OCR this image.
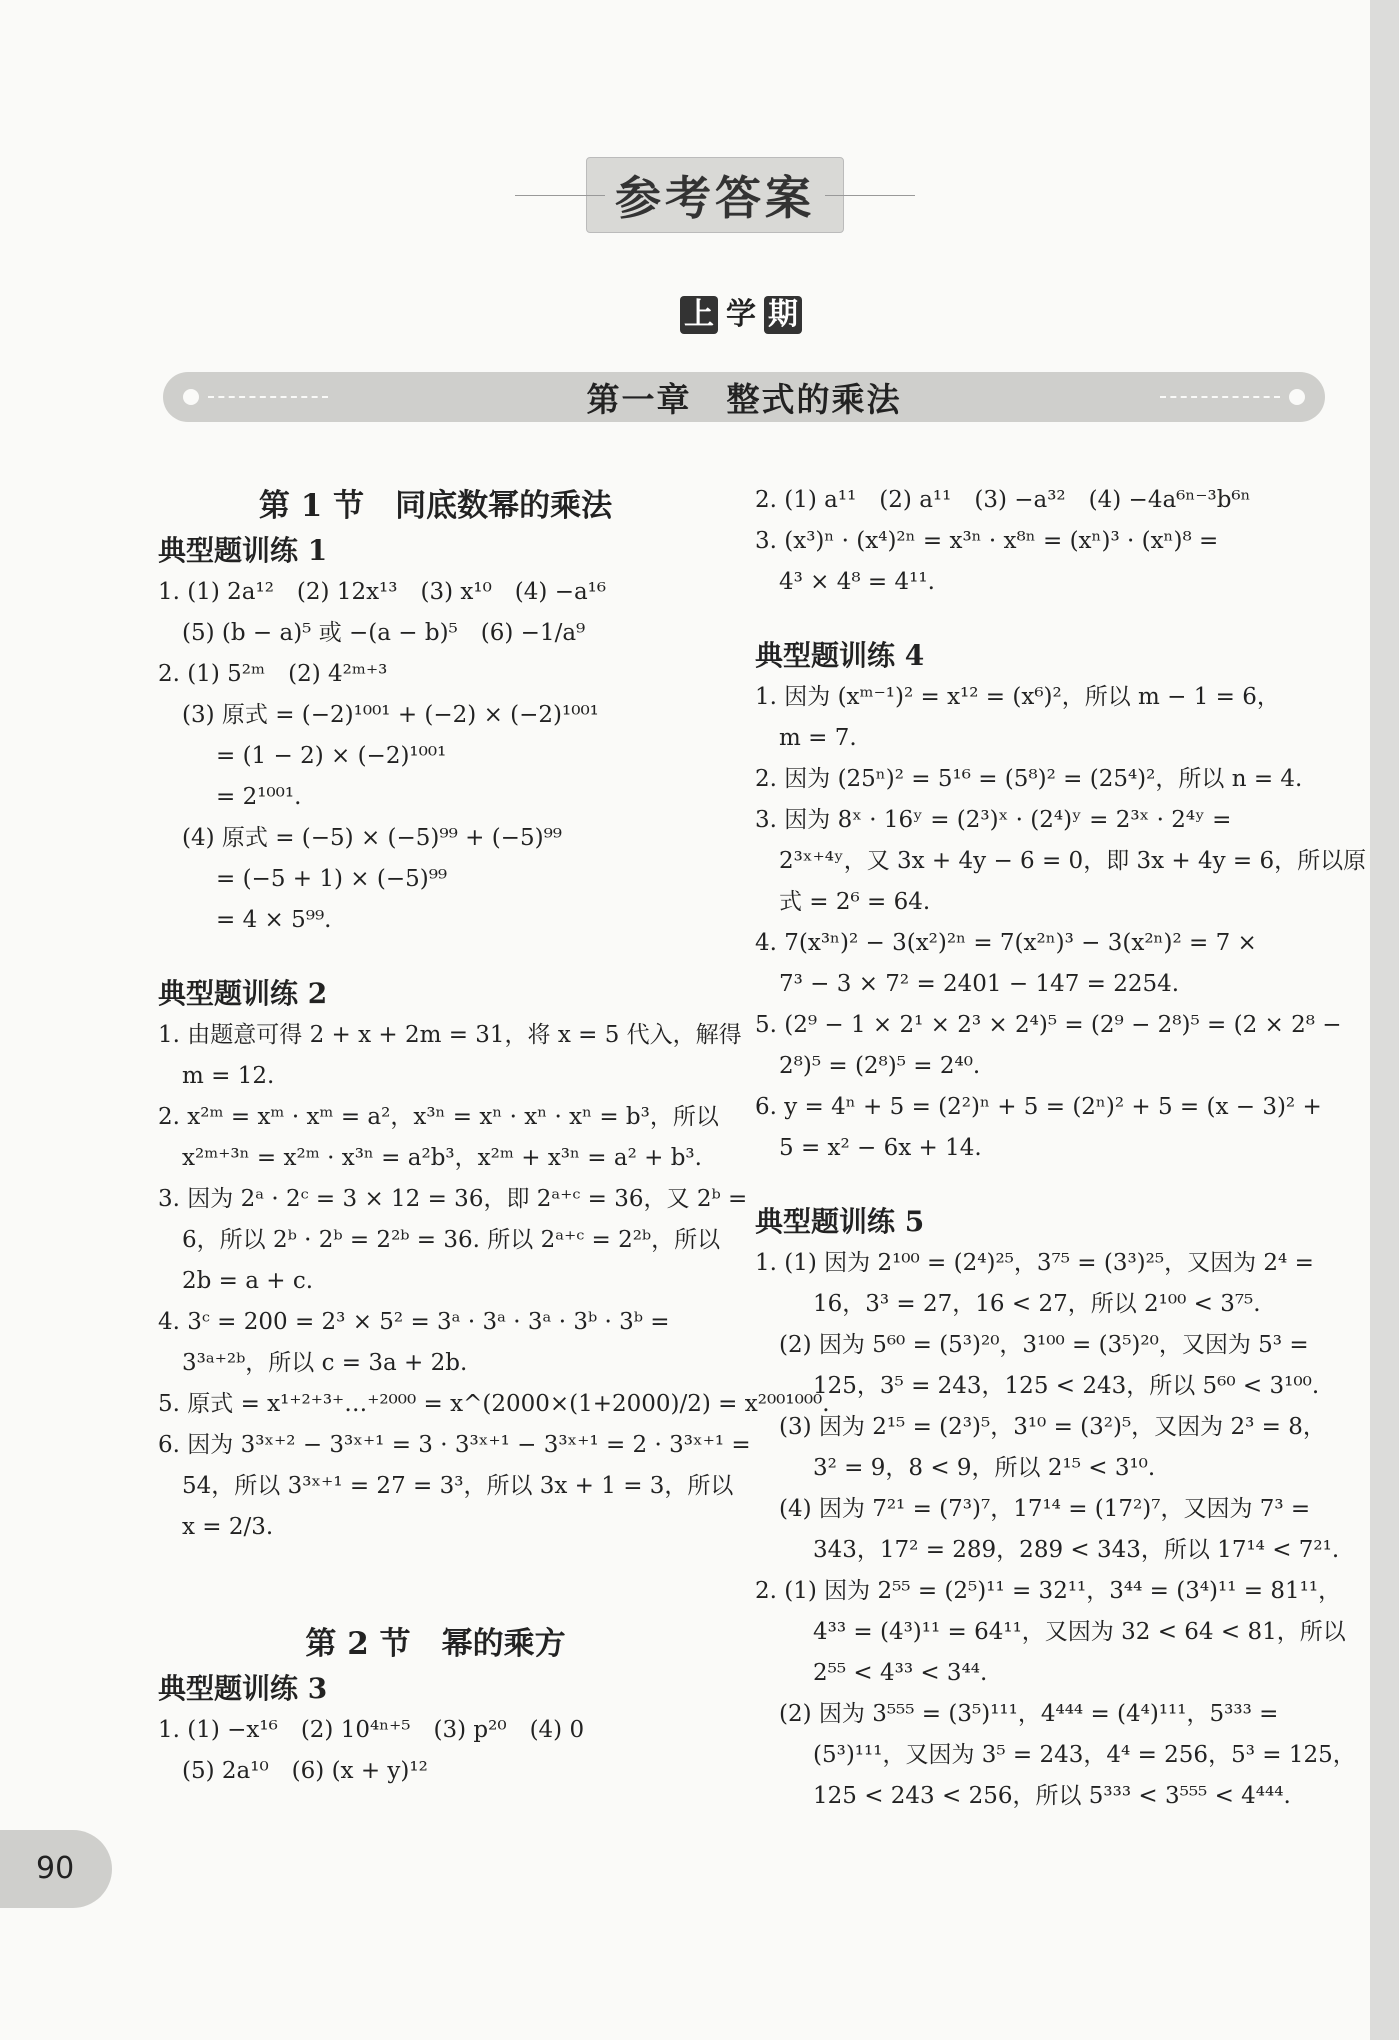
参考答案
上 学 期
第一章　整式的乘法
第 1 节　同底数幂的乘法
典型题训练 1
1. (1) 2a¹²　(2) 12x¹³　(3) x¹⁰　(4) −a¹⁶
(5) (b − a)⁵ 或 −(a − b)⁵　(6) −1/a⁹
2. (1) 5²ᵐ　(2) 4²ᵐ⁺³
(3) 原式 = (−2)¹⁰⁰¹ + (−2) × (−2)¹⁰⁰¹
= (1 − 2) × (−2)¹⁰⁰¹
= 2¹⁰⁰¹.
(4) 原式 = (−5) × (−5)⁹⁹ + (−5)⁹⁹
= (−5 + 1) × (−5)⁹⁹
= 4 × 5⁹⁹.
典型题训练 2
1. 由题意可得 2 + x + 2m = 31，将 x = 5 代入，解得
m = 12.
2. x²ᵐ = xᵐ · xᵐ = a²，x³ⁿ = xⁿ · xⁿ · xⁿ = b³，所以
x²ᵐ⁺³ⁿ = x²ᵐ · x³ⁿ = a²b³，x²ᵐ + x³ⁿ = a² + b³.
3. 因为 2ᵃ · 2ᶜ = 3 × 12 = 36，即 2ᵃ⁺ᶜ = 36，又 2ᵇ =
6，所以 2ᵇ · 2ᵇ = 2²ᵇ = 36. 所以 2ᵃ⁺ᶜ = 2²ᵇ，所以
2b = a + c.
4. 3ᶜ = 200 = 2³ × 5² = 3ᵃ · 3ᵃ · 3ᵃ · 3ᵇ · 3ᵇ =
3³ᵃ⁺²ᵇ，所以 c = 3a + 2b.
5. 原式 = x¹⁺²⁺³⁺…⁺²⁰⁰⁰ = x^(2000×(1+2000)/2) = x²⁰⁰¹⁰⁰⁰.
6. 因为 3³ˣ⁺² − 3³ˣ⁺¹ = 3 · 3³ˣ⁺¹ − 3³ˣ⁺¹ = 2 · 3³ˣ⁺¹ =
54，所以 3³ˣ⁺¹ = 27 = 3³，所以 3x + 1 = 3，所以
x = 2/3.
第 2 节　幂的乘方
典型题训练 3
1. (1) −x¹⁶　(2) 10⁴ⁿ⁺⁵　(3) p²⁰　(4) 0
(5) 2a¹⁰　(6) (x + y)¹²
2. (1) a¹¹　(2) a¹¹　(3) −a³²　(4) −4a⁶ⁿ⁻³b⁶ⁿ
3. (x³)ⁿ · (x⁴)²ⁿ = x³ⁿ · x⁸ⁿ = (xⁿ)³ · (xⁿ)⁸ =
4³ × 4⁸ = 4¹¹.
典型题训练 4
1. 因为 (xᵐ⁻¹)² = x¹² = (x⁶)²，所以 m − 1 = 6，
m = 7.
2. 因为 (25ⁿ)² = 5¹⁶ = (5⁸)² = (25⁴)²，所以 n = 4.
3. 因为 8ˣ · 16ʸ = (2³)ˣ · (2⁴)ʸ = 2³ˣ · 2⁴ʸ =
2³ˣ⁺⁴ʸ，又 3x + 4y − 6 = 0，即 3x + 4y = 6，所以原
式 = 2⁶ = 64.
4. 7(x³ⁿ)² − 3(x²)²ⁿ = 7(x²ⁿ)³ − 3(x²ⁿ)² = 7 ×
7³ − 3 × 7² = 2401 − 147 = 2254.
5. (2⁹ − 1 × 2¹ × 2³ × 2⁴)⁵ = (2⁹ − 2⁸)⁵ = (2 × 2⁸ −
2⁸)⁵ = (2⁸)⁵ = 2⁴⁰.
6. y = 4ⁿ + 5 = (2²)ⁿ + 5 = (2ⁿ)² + 5 = (x − 3)² +
5 = x² − 6x + 14.
典型题训练 5
1. (1) 因为 2¹⁰⁰ = (2⁴)²⁵，3⁷⁵ = (3³)²⁵，又因为 2⁴ =
16，3³ = 27，16 < 27，所以 2¹⁰⁰ < 3⁷⁵.
(2) 因为 5⁶⁰ = (5³)²⁰，3¹⁰⁰ = (3⁵)²⁰，又因为 5³ =
125，3⁵ = 243，125 < 243，所以 5⁶⁰ < 3¹⁰⁰.
(3) 因为 2¹⁵ = (2³)⁵，3¹⁰ = (3²)⁵，又因为 2³ = 8，
3² = 9，8 < 9，所以 2¹⁵ < 3¹⁰.
(4) 因为 7²¹ = (7³)⁷，17¹⁴ = (17²)⁷，又因为 7³ =
343，17² = 289，289 < 343，所以 17¹⁴ < 7²¹.
2. (1) 因为 2⁵⁵ = (2⁵)¹¹ = 32¹¹，3⁴⁴ = (3⁴)¹¹ = 81¹¹，
4³³ = (4³)¹¹ = 64¹¹，又因为 32 < 64 < 81，所以
2⁵⁵ < 4³³ < 3⁴⁴.
(2) 因为 3⁵⁵⁵ = (3⁵)¹¹¹，4⁴⁴⁴ = (4⁴)¹¹¹，5³³³ =
(5³)¹¹¹，又因为 3⁵ = 243，4⁴ = 256，5³ = 125，
125 < 243 < 256，所以 5³³³ < 3⁵⁵⁵ < 4⁴⁴⁴.
90
